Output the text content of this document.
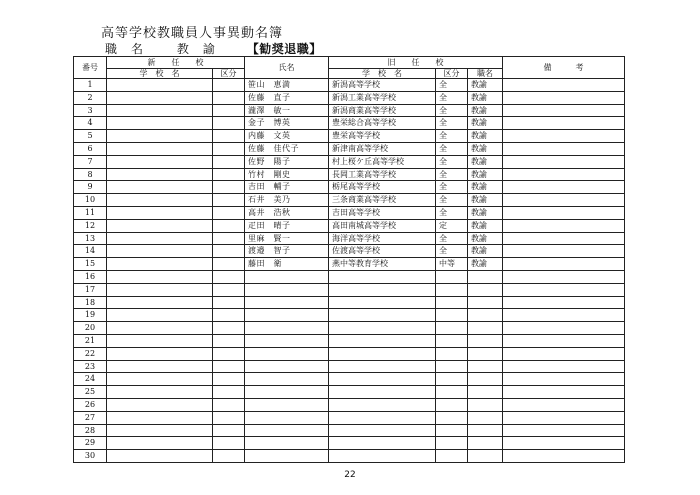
高等学校教職員人事異動名簿
職名 教諭 【勧奨退職】
番号	新　　任　　校		氏名	旧　　任　　校			備　　　考
	学　校　名	区分		学　校　名	区分	職名	
1			笹山　恵満	新潟高等学校	全	教諭	
2			佐藤　直子	新潟工業高等学校	全	教諭	
3			瀧澤　敏一	新潟商業高等学校	全	教諭	
4			金子　博英	豊栄総合高等学校	全	教諭	
5			内藤　文英	豊栄高等学校	全	教諭	
6			佐藤　佳代子	新津南高等学校	全	教諭	
7			佐野　陽子	村上桜ケ丘高等学校	全	教諭	
8			竹村　剛史	長岡工業高等学校	全	教諭	
9			吉田　輔子	栃尾高等学校	全	教諭	
10			石井　美乃	三条商業高等学校	全	教諭	
11			高井　浩秋	吉田高等学校	全	教諭	
12			疋田　晴子	高田南城高等学校	定	教諭	
13			里麻　賢一	海洋高等学校	全	教諭	
14			渡邉　智子	佐渡高等学校	全	教諭	
15			藤田　衛	燕中等教育学校	中等	教諭	
16							
17							
18							
19							
20							
21							
22							
23							
24							
25							
26							
27							
28							
29							
30							
22
